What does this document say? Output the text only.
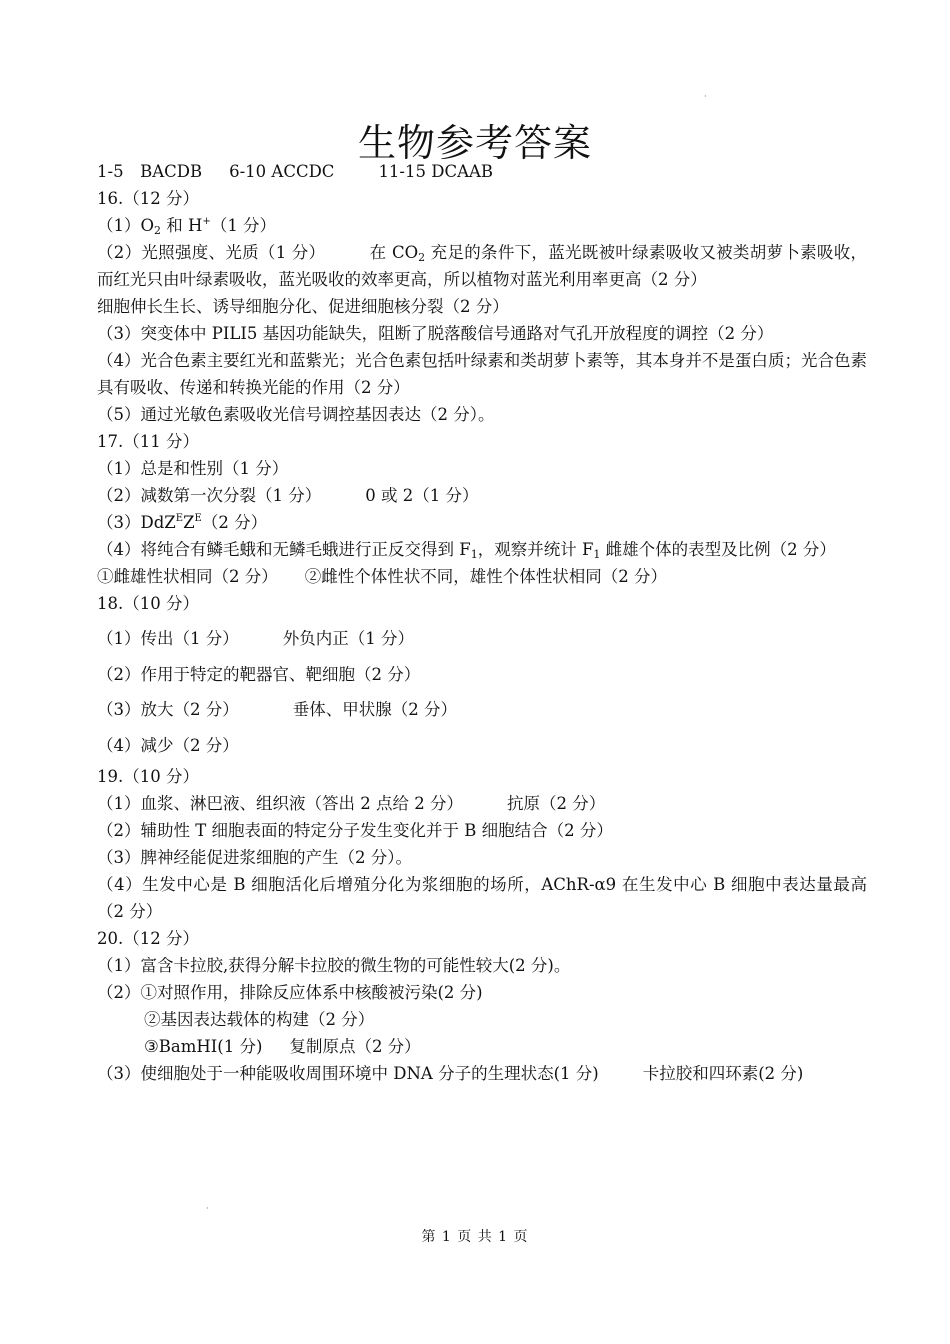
·
生物参考答案
1-5　BACDB 6-10 ACCDC	11-15 DCAAB
16.（12 分）
$(1)O_2$ 和 H+（1 分）
（2）光照强度、光质（1 分）	在 $CO_2$ 充足的条件下，蓝光既被叶绿素吸收又被类胡萝卜素吸收，而红光只由叶绿素吸收，蓝光吸收的效率更高，所以植物对蓝光利用率更高（2 分）
细胞伸长生长、诱导细胞分化、促进细胞核分裂（2 分）
（3）突变体中 PILI5 基因功能缺失，阻断了脱落酸信号通路对气孔开放程度的调控（2 分）
（4）光合色素主要红光和蓝紫光；光合色素包括叶绿素和类胡萝卜素等，其本身并不是蛋白质；光合色素具有吸收、传递和转换光能的作用（2 分）
（5）通过光敏色素吸收光信号调控基因表达（2 分）。
17.（11 分）
（1）总是和性别（1 分）
（2）减数第一次分裂（1 分）	0 或 2（1 分）
$(3)DdZ^EZ^E(2$ 分）
（4）将纯合有鳞毛蛾和无鳞毛蛾进行正反交得到 $F_1$，观察并统计 $F_1$ 雌雄个体的表型及比例（2 分）
①雌雄性状相同（2 分） ②雌性个体性状不同，雄性个体性状相同（2 分）
18.（10 分）
（1）传出（1 分）	外负内正（1 分）
（2）作用于特定的靶器官、靶细胞（2 分）
（3）放大（2 分）	垂体、甲状腺（2 分）
（4）减少（2 分）
19.（10 分）
（1）血浆、淋巴液、组织液（答出 2 点给 2 分）	抗原（2 分）
（2）辅助性 T 细胞表面的特定分子发生变化并于 B 细胞结合（2 分）
（3）脾神经能促进浆细胞的产生（2 分）。
（4）生发中心是 B 细胞活化后增殖分化为浆细胞的场所，AChR-α9 在生发中心 B 细胞中表达量最高（2 分）
20.（12 分）
（1）富含卡拉胶,获得分解卡拉胶的微生物的可能性较大(2 分)。
（2）①对照作用，排除反应体系中核酸被污染(2 分)
②基因表达载体的构建（2 分）
③BamHI(1 分) 复制原点（2 分）
（3）使细胞处于一种能吸收周围环境中 DNA 分子的生理状态(1 分)	卡拉胶和四环素(2 分)
·
第 1 页 共 1 页
